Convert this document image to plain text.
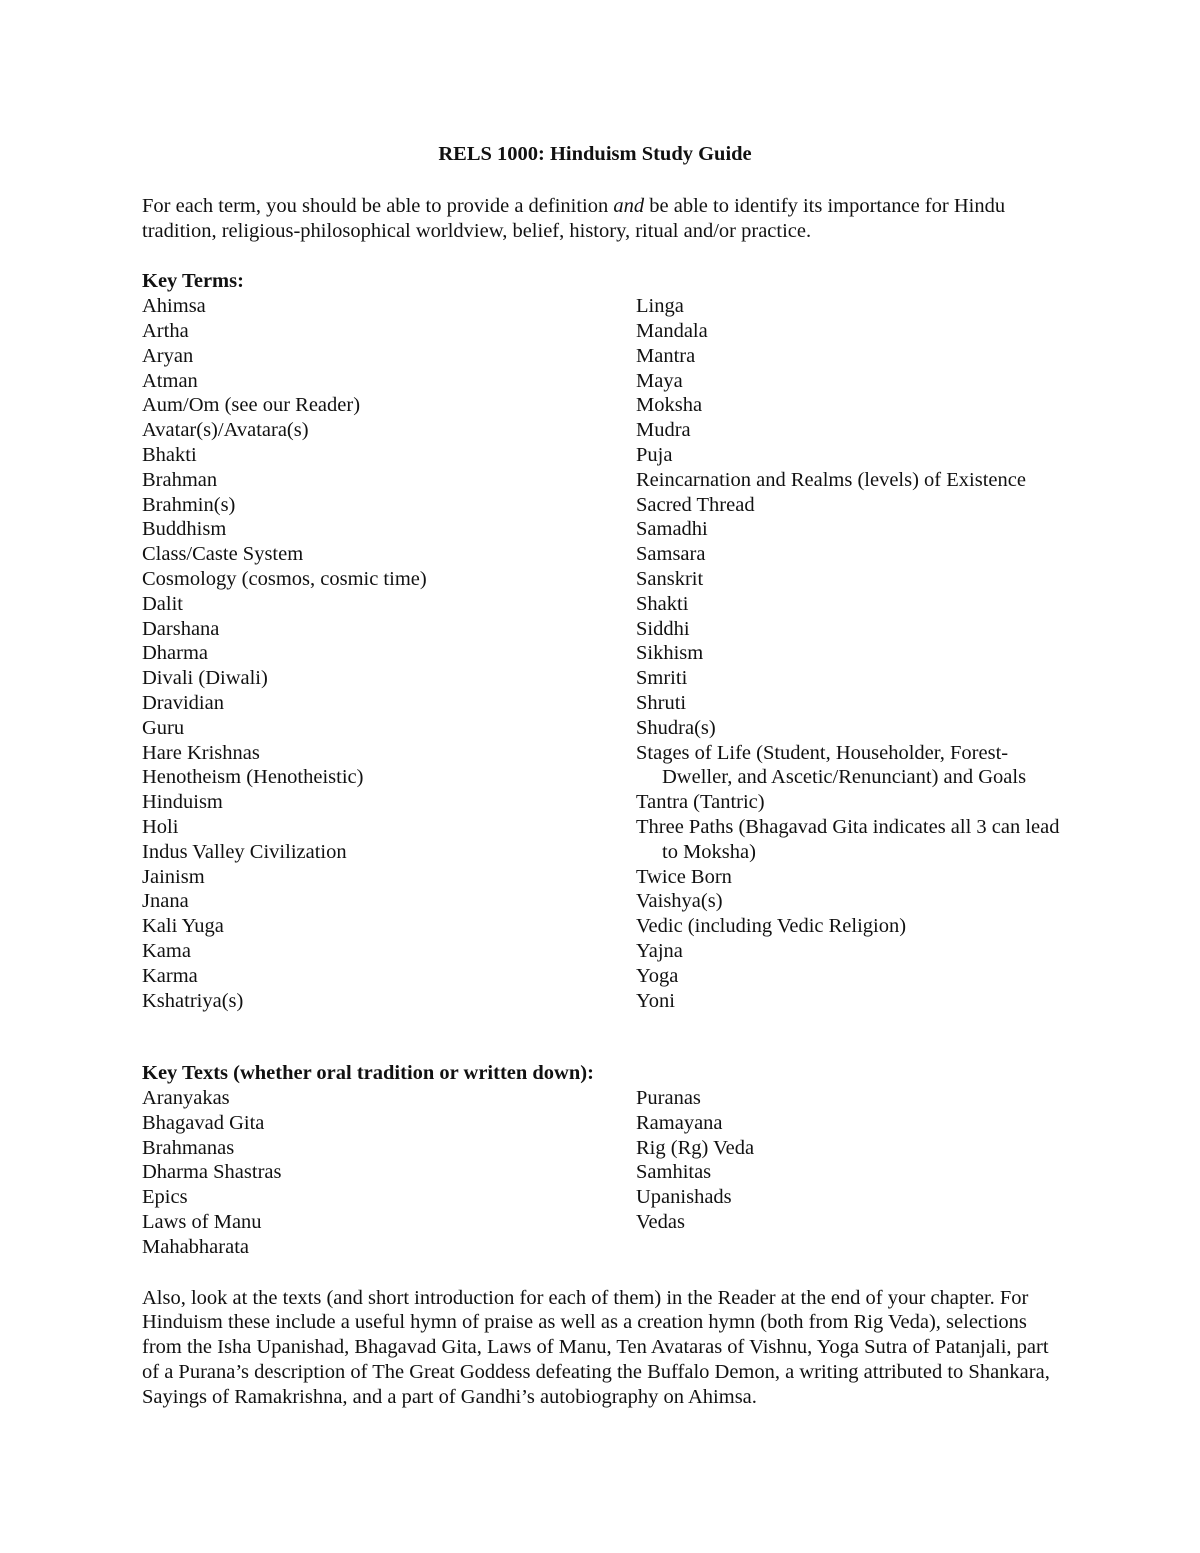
RELS 1000: Hinduism Study Guide

For each term, you should be able to provide a definition and be able to identify its importance for Hindu tradition, religious-philosophical worldview, belief, history, ritual and/or practice.

Key Terms:
Ahimsa
Artha
Aryan
Atman
Aum/Om (see our Reader)
Avatar(s)/Avatara(s)
Bhakti
Brahman
Brahmin(s)
Buddhism
Class/Caste System
Cosmology (cosmos, cosmic time)
Dalit
Darshana
Dharma
Divali (Diwali)
Dravidian
Guru
Hare Krishnas
Henotheism (Henotheistic)
Hinduism
Holi
Indus Valley Civilization
Jainism
Jnana
Kali Yuga
Kama
Karma
Kshatriya(s)
Linga
Mandala
Mantra
Maya
Moksha
Mudra
Puja
Reincarnation and Realms (levels) of Existence
Sacred Thread
Samadhi
Samsara
Sanskrit
Shakti
Siddhi
Sikhism
Smriti
Shruti
Shudra(s)
Stages of Life (Student, Householder, Forest-Dweller, and Ascetic/Renunciant) and Goals
Tantra (Tantric)
Three Paths (Bhagavad Gita indicates all 3 can lead to Moksha)
Twice Born
Vaishya(s)
Vedic (including Vedic Religion)
Yajna
Yoga
Yoni
Key Texts (whether oral tradition or written down):
Aranyakas
Bhagavad Gita
Brahmanas
Dharma Shastras
Epics
Laws of Manu
Mahabharata
Puranas
Ramayana
Rig (Rg) Veda
Samhitas
Upanishads
Vedas

Also, look at the texts (and short introduction for each of them) in the Reader at the end of your chapter. For Hinduism these include a useful hymn of praise as well as a creation hymn (both from Rig Veda), selections from the Isha Upanishad, Bhagavad Gita, Laws of Manu, Ten Avataras of Vishnu, Yoga Sutra of Patanjali, part of a Purana’s description of The Great Goddess defeating the Buffalo Demon, a writing attributed to Shankara, Sayings of Ramakrishna, and a part of Gandhi’s autobiography on Ahimsa.
